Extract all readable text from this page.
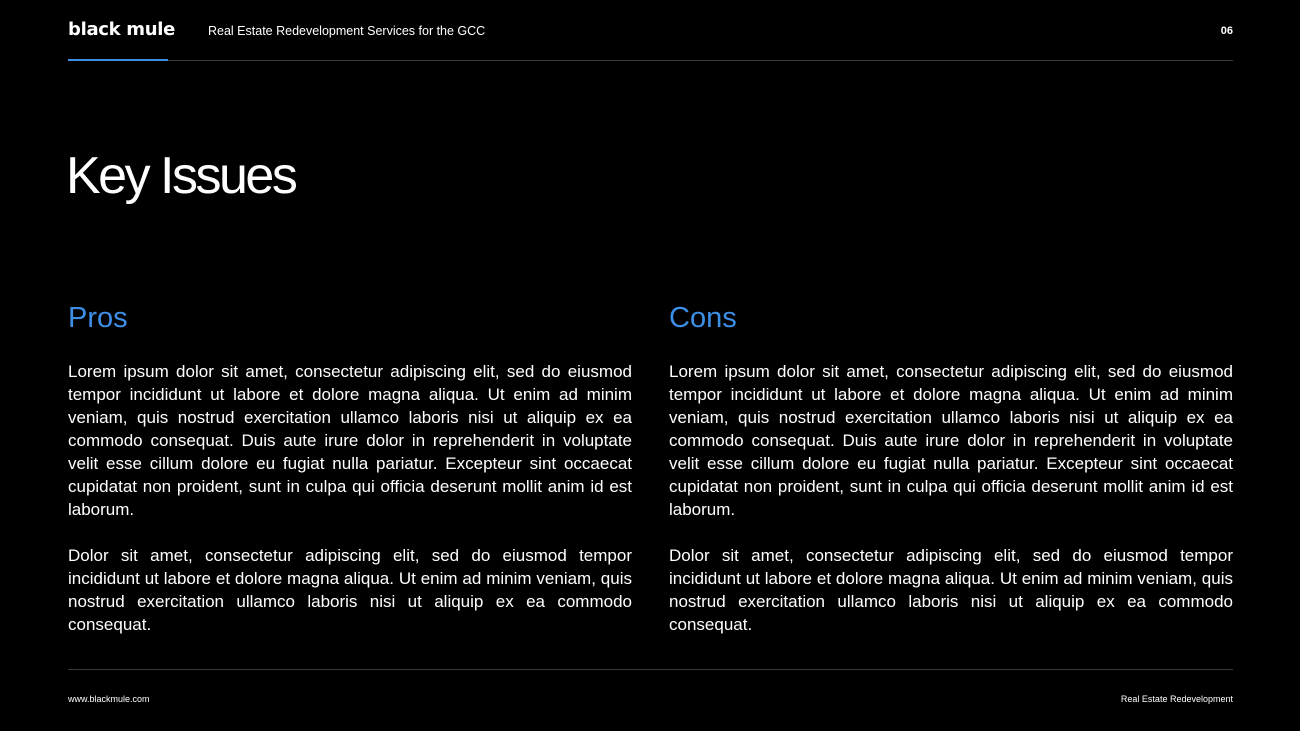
black mule	Real Estate Redevelopment Services for the GCC	06
Key Issues
Pros

Lorem ipsum dolor sit amet, consectetur adipiscing elit, sed do eiusmod tempor incididunt ut labore et dolore magna aliqua. Ut enim ad minim veniam, quis nostrud exercitation ullamco laboris nisi ut aliquip ex ea commodo consequat. Duis aute irure dolor in reprehenderit in voluptate velit esse cillum dolore eu fugiat nulla pariatur. Excepteur sint occaecat cupidatat non proident, sunt in culpa qui officia deserunt mollit anim id est laborum.

Dolor sit amet, consectetur adipiscing elit, sed do eiusmod tempor incididunt ut labore et dolore magna aliqua. Ut enim ad minim veniam, quis nostrud exercitation ullamco laboris nisi ut aliquip ex ea commodo consequat.

Cons

Lorem ipsum dolor sit amet, consectetur adipiscing elit, sed do eiusmod tempor incididunt ut labore et dolore magna aliqua. Ut enim ad minim veniam, quis nostrud exercitation ullamco laboris nisi ut aliquip ex ea commodo consequat. Duis aute irure dolor in reprehenderit in voluptate velit esse cillum dolore eu fugiat nulla pariatur. Excepteur sint occaecat cupidatat non proident, sunt in culpa qui officia deserunt mollit anim id est laborum.

Dolor sit amet, consectetur adipiscing elit, sed do eiusmod tempor incididunt ut labore et dolore magna aliqua. Ut enim ad minim veniam, quis nostrud exercitation ullamco laboris nisi ut aliquip ex ea commodo consequat.

www.blackmule.com	Real Estate Redevelopment
